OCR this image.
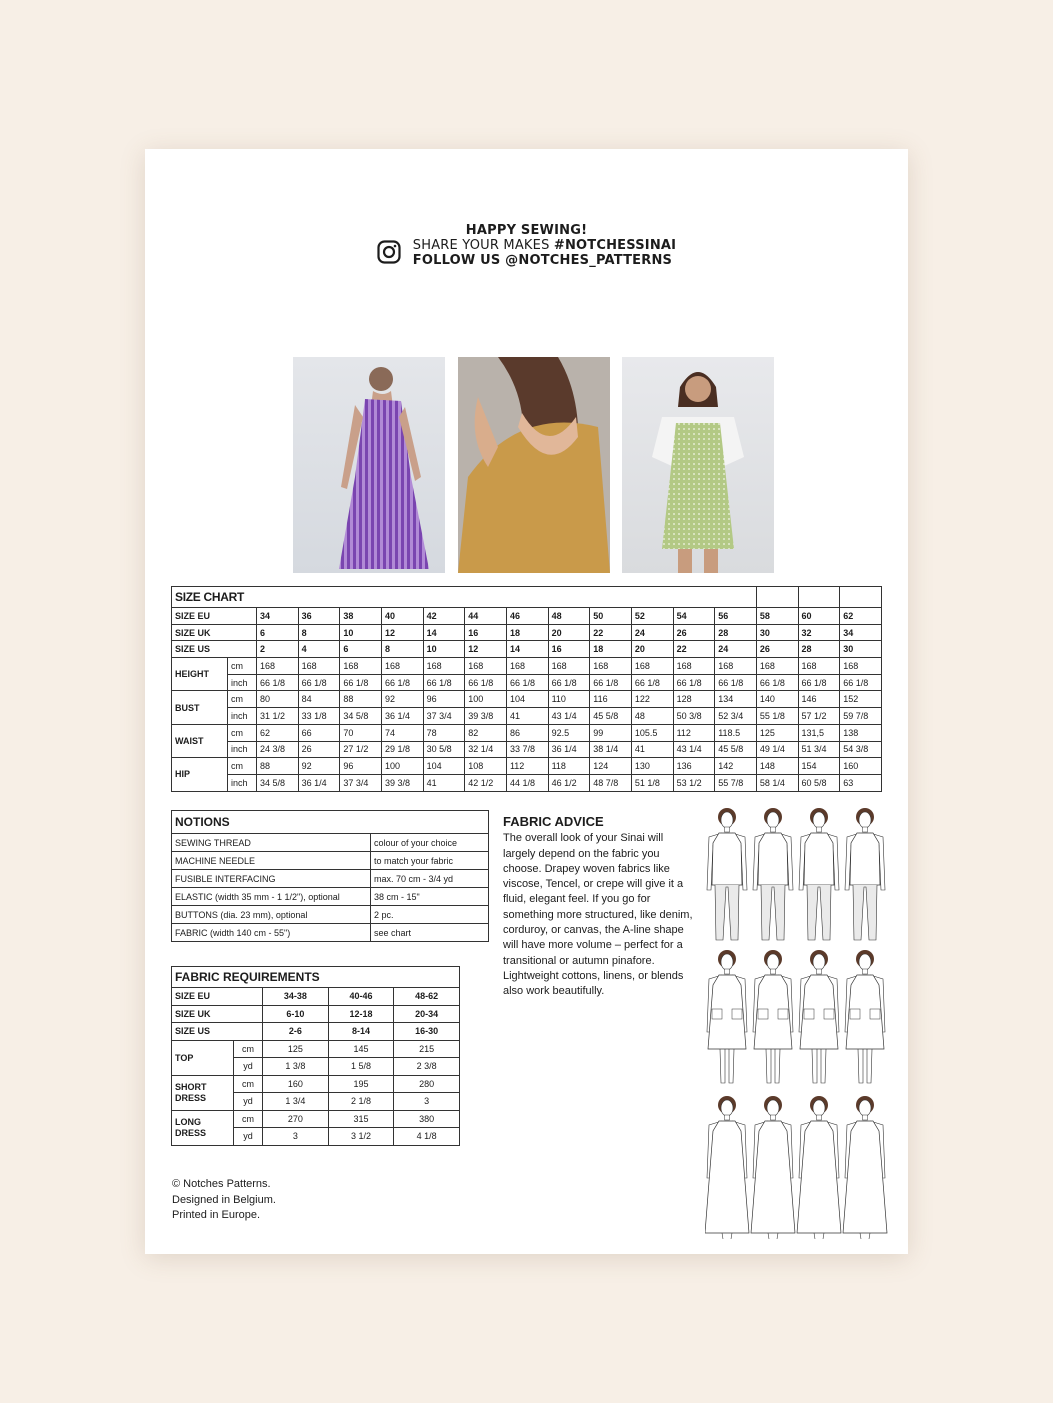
HAPPY SEWING!
SHARE YOUR MAKES #NOTCHESSINAI
FOLLOW US @NOTCHES_PATTERNS
SIZE CHART																
SIZE EU		34	36	38	40	42	44	46	48	50	52	54	56	58	60	62
SIZE UK		6	8	10	12	14	16	18	20	22	24	26	28	30	32	34
SIZE US		2	4	6	8	10	12	14	16	18	20	22	24	26	28	30
HEIGHT	cm	168	168	168	168	168	168	168	168	168	168	168	168	168	168	168
	inch	66 1/8	66 1/8	66 1/8	66 1/8	66 1/8	66 1/8	66 1/8	66 1/8	66 1/8	66 1/8	66 1/8	66 1/8	66 1/8	66 1/8	66 1/8
BUST	cm	80	84	88	92	96	100	104	110	116	122	128	134	140	146	152
	inch	31 1/2	33 1/8	34 5/8	36 1/4	37 3/4	39 3/8	41	43 1/4	45 5/8	48	50 3/8	52 3/4	55 1/8	57 1/2	59 7/8
WAIST	cm	62	66	70	74	78	82	86	92.5	99	105.5	112	118.5	125	131,5	138
	inch	24 3/8	26	27 1/2	29 1/8	30 5/8	32 1/4	33 7/8	36 1/4	38 1/4	41	43 1/4	45 5/8	49 1/4	51 3/4	54 3/8
HIP	cm	88	92	96	100	104	108	112	118	124	130	136	142	148	154	160
	inch	34 5/8	36 1/4	37 3/4	39 3/8	41	42 1/2	44 1/8	46 1/2	48 7/8	51 1/8	53 1/2	55 7/8	58 1/4	60 5/8	63
NOTIONS	
SEWING THREAD	colour of your choice
MACHINE NEEDLE	to match your fabric
FUSIBLE INTERFACING	max. 70 cm - 3/4 yd
ELASTIC (width 35 mm - 1 1/2"), optional	38 cm - 15"
BUTTONS (dia. 23 mm), optional	2 pc.
FABRIC (width 140 cm - 55")	see chart
FABRIC REQUIREMENTS				
SIZE EU		34-38	40-46	48-62
SIZE UK		6-10	12-18	20-34
SIZE US		2-6	8-14	16-30
TOP	cm	125	145	215
	yd	1 3/8	1 5/8	2 3/8
SHORT DRESS	cm	160	195	280
	yd	1 3/4	2 1/8	3
LONG DRESS	cm	270	315	380
	yd	3	3 1/2	4 1/8
FABRIC ADVICE
The overall look of your Sinai will largely depend on the fabric you choose. Drapey woven fabrics like viscose, Tencel, or crepe will give it a fluid, elegant feel. If you go for something more structured, like denim, corduroy, or canvas, the A-line shape will have more volume – perfect for a transitional or autumn pinafore. Lightweight cottons, linens, or blends also work beautifully.
© Notches Patterns.
Designed in Belgium.
Printed in Europe.
